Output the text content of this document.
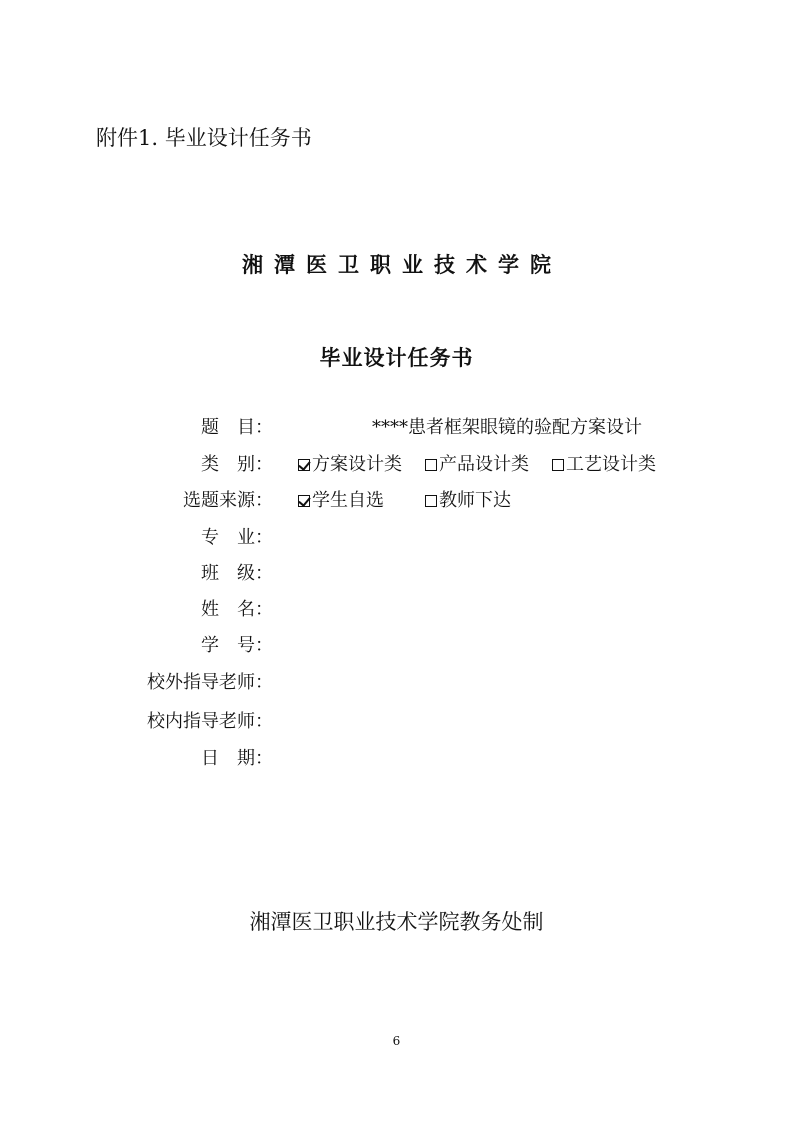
附件1. 毕业设计任务书
湘潭医卫职业技术学院
毕业设计任务书
题　目：	****患者框架眼镜的验配方案设计
类　别： 方案设计类 产品设计类 工艺设计类
选题来源： 学生自选	教师下达
专　业：
班　级：
姓　名：
学　号：
校外指导老师：
校内指导老师：
日　期：
湘潭医卫职业技术学院教务处制
6
